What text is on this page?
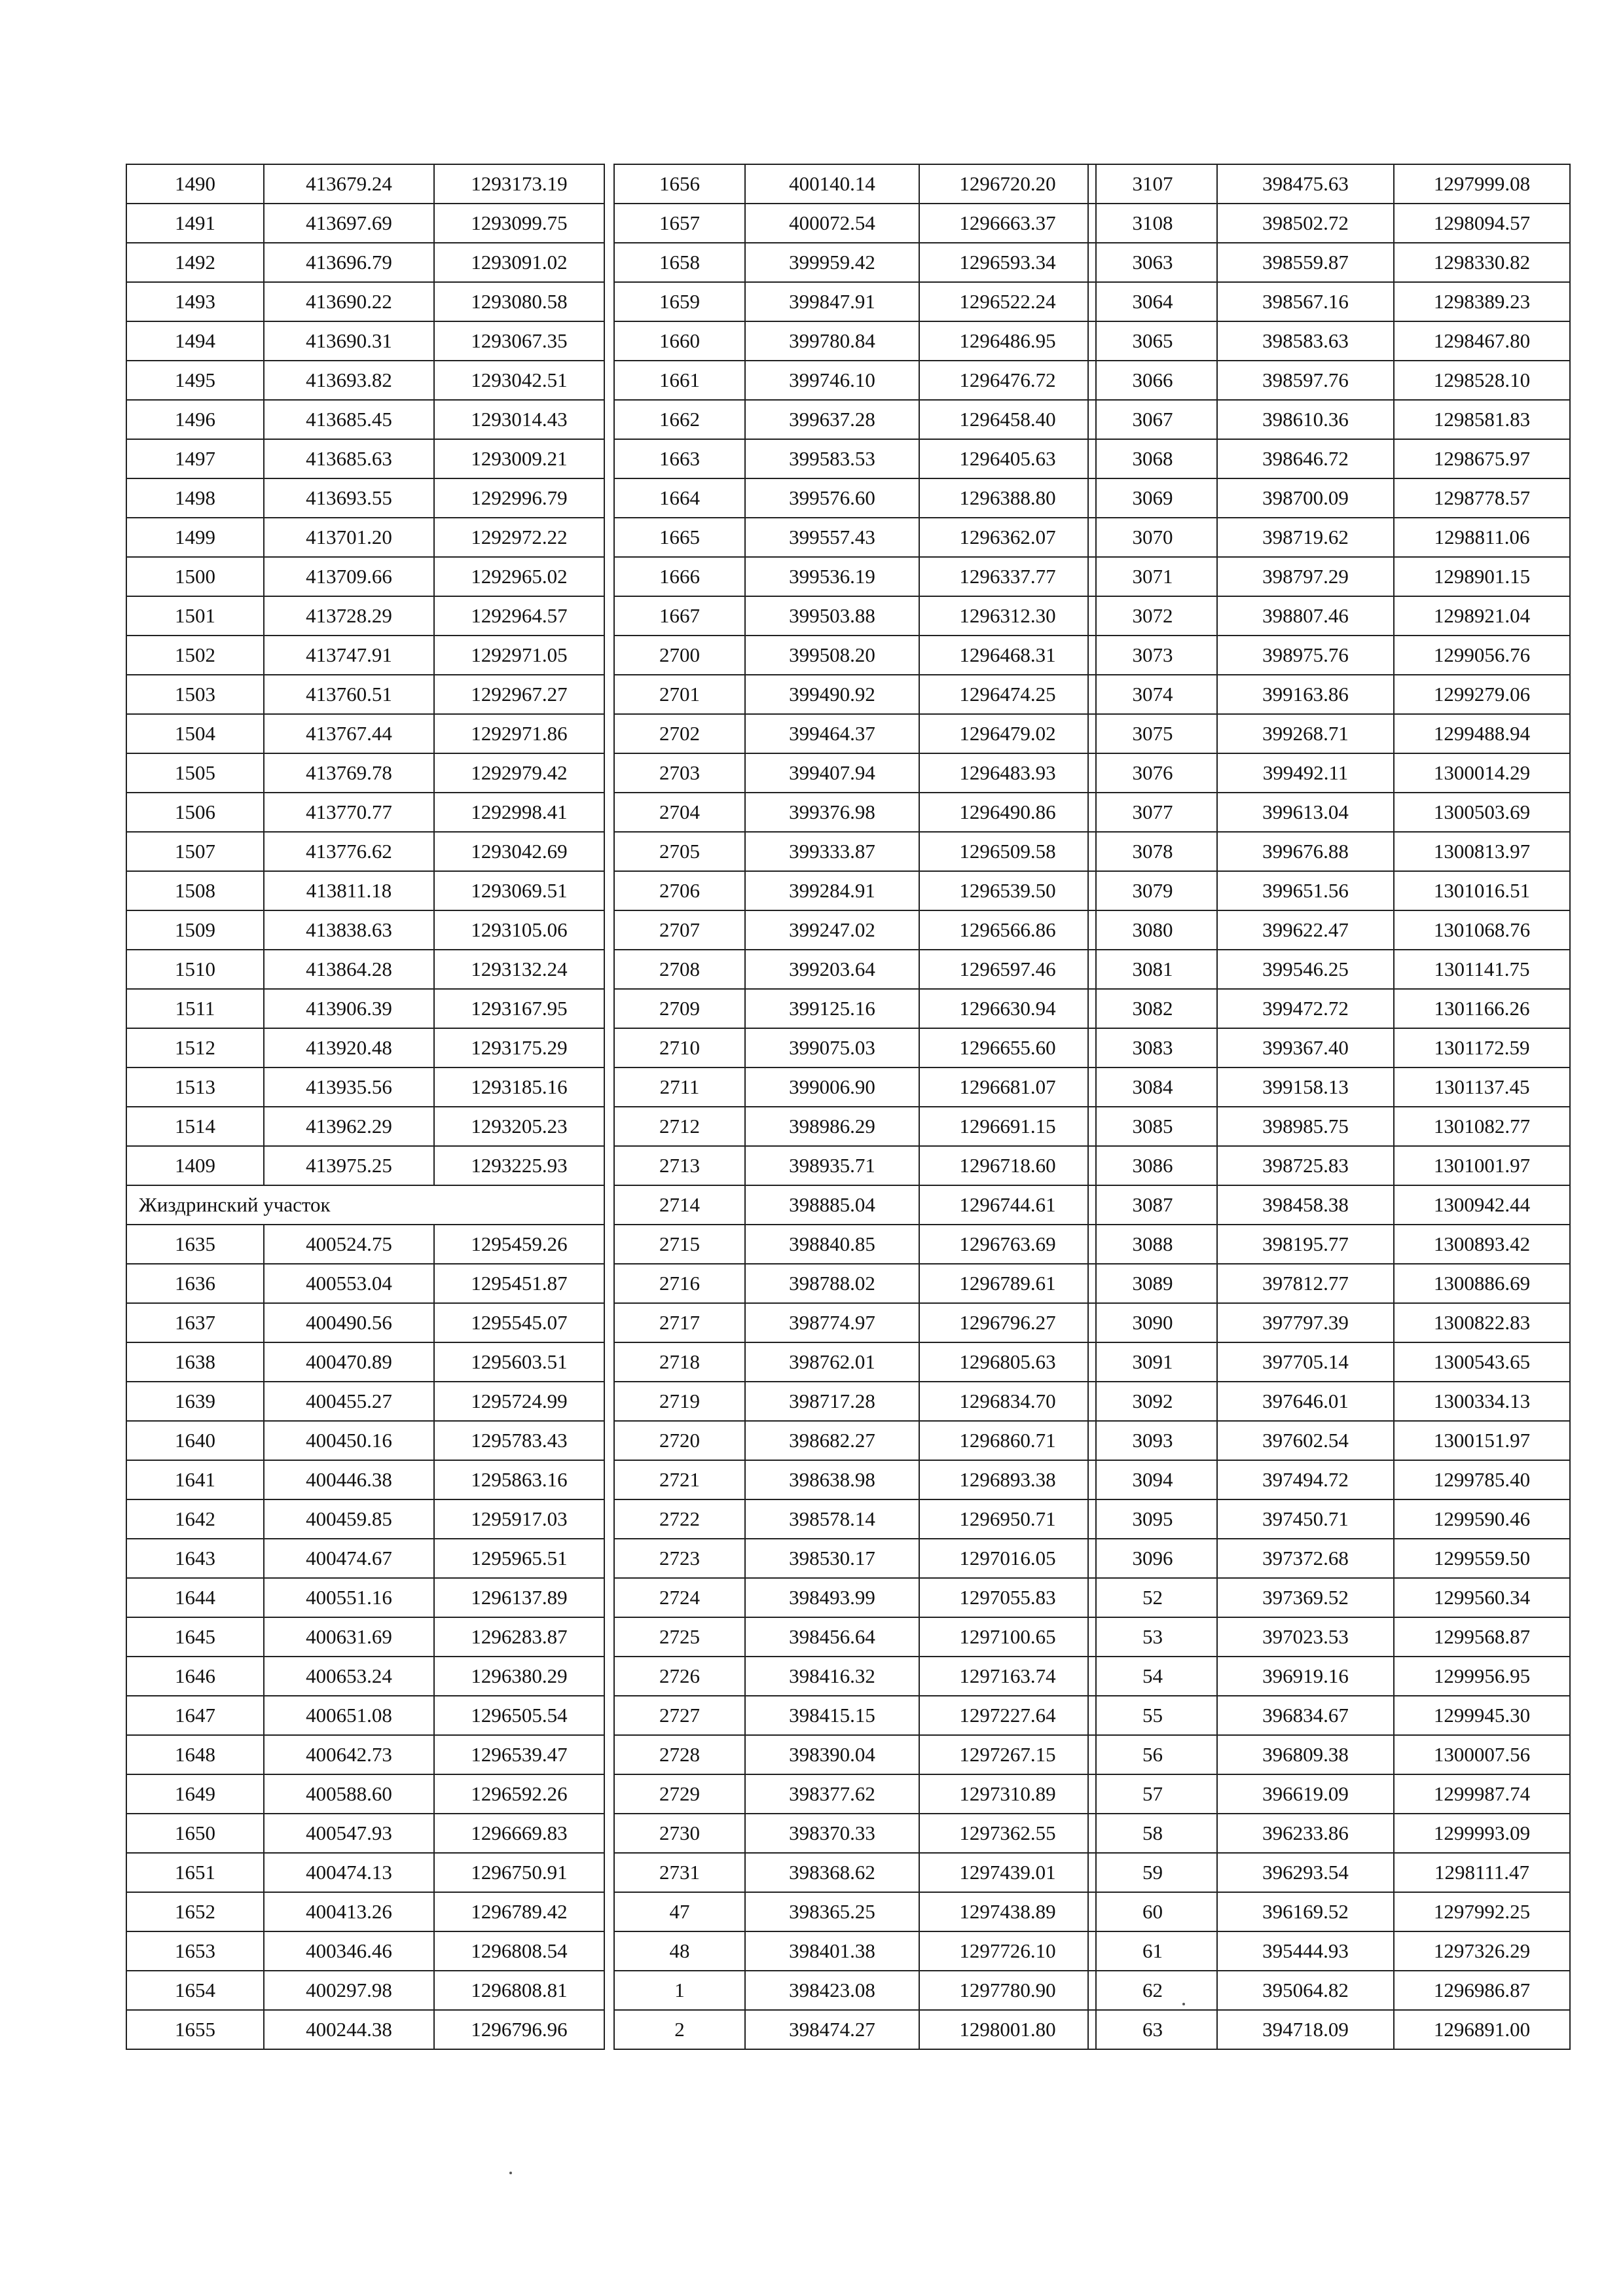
1490	413679.24	1293173.19
1491	413697.69	1293099.75
1492	413696.79	1293091.02
1493	413690.22	1293080.58
1494	413690.31	1293067.35
1495	413693.82	1293042.51
1496	413685.45	1293014.43
1497	413685.63	1293009.21
1498	413693.55	1292996.79
1499	413701.20	1292972.22
1500	413709.66	1292965.02
1501	413728.29	1292964.57
1502	413747.91	1292971.05
1503	413760.51	1292967.27
1504	413767.44	1292971.86
1505	413769.78	1292979.42
1506	413770.77	1292998.41
1507	413776.62	1293042.69
1508	413811.18	1293069.51
1509	413838.63	1293105.06
1510	413864.28	1293132.24
1511	413906.39	1293167.95
1512	413920.48	1293175.29
1513	413935.56	1293185.16
1514	413962.29	1293205.23
1409	413975.25	1293225.93
Жиздринский участок		
1635	400524.75	1295459.26
1636	400553.04	1295451.87
1637	400490.56	1295545.07
1638	400470.89	1295603.51
1639	400455.27	1295724.99
1640	400450.16	1295783.43
1641	400446.38	1295863.16
1642	400459.85	1295917.03
1643	400474.67	1295965.51
1644	400551.16	1296137.89
1645	400631.69	1296283.87
1646	400653.24	1296380.29
1647	400651.08	1296505.54
1648	400642.73	1296539.47
1649	400588.60	1296592.26
1650	400547.93	1296669.83
1651	400474.13	1296750.91
1652	400413.26	1296789.42
1653	400346.46	1296808.54
1654	400297.98	1296808.81
1655	400244.38	1296796.96
1656	400140.14	1296720.20
1657	400072.54	1296663.37
1658	399959.42	1296593.34
1659	399847.91	1296522.24
1660	399780.84	1296486.95
1661	399746.10	1296476.72
1662	399637.28	1296458.40
1663	399583.53	1296405.63
1664	399576.60	1296388.80
1665	399557.43	1296362.07
1666	399536.19	1296337.77
1667	399503.88	1296312.30
2700	399508.20	1296468.31
2701	399490.92	1296474.25
2702	399464.37	1296479.02
2703	399407.94	1296483.93
2704	399376.98	1296490.86
2705	399333.87	1296509.58
2706	399284.91	1296539.50
2707	399247.02	1296566.86
2708	399203.64	1296597.46
2709	399125.16	1296630.94
2710	399075.03	1296655.60
2711	399006.90	1296681.07
2712	398986.29	1296691.15
2713	398935.71	1296718.60
2714	398885.04	1296744.61
2715	398840.85	1296763.69
2716	398788.02	1296789.61
2717	398774.97	1296796.27
2718	398762.01	1296805.63
2719	398717.28	1296834.70
2720	398682.27	1296860.71
2721	398638.98	1296893.38
2722	398578.14	1296950.71
2723	398530.17	1297016.05
2724	398493.99	1297055.83
2725	398456.64	1297100.65
2726	398416.32	1297163.74
2727	398415.15	1297227.64
2728	398390.04	1297267.15
2729	398377.62	1297310.89
2730	398370.33	1297362.55
2731	398368.62	1297439.01
47	398365.25	1297438.89
48	398401.38	1297726.10
1	398423.08	1297780.90
2	398474.27	1298001.80
3107	398475.63	1297999.08
3108	398502.72	1298094.57
3063	398559.87	1298330.82
3064	398567.16	1298389.23
3065	398583.63	1298467.80
3066	398597.76	1298528.10
3067	398610.36	1298581.83
3068	398646.72	1298675.97
3069	398700.09	1298778.57
3070	398719.62	1298811.06
3071	398797.29	1298901.15
3072	398807.46	1298921.04
3073	398975.76	1299056.76
3074	399163.86	1299279.06
3075	399268.71	1299488.94
3076	399492.11	1300014.29
3077	399613.04	1300503.69
3078	399676.88	1300813.97
3079	399651.56	1301016.51
3080	399622.47	1301068.76
3081	399546.25	1301141.75
3082	399472.72	1301166.26
3083	399367.40	1301172.59
3084	399158.13	1301137.45
3085	398985.75	1301082.77
3086	398725.83	1301001.97
3087	398458.38	1300942.44
3088	398195.77	1300893.42
3089	397812.77	1300886.69
3090	397797.39	1300822.83
3091	397705.14	1300543.65
3092	397646.01	1300334.13
3093	397602.54	1300151.97
3094	397494.72	1299785.40
3095	397450.71	1299590.46
3096	397372.68	1299559.50
52	397369.52	1299560.34
53	397023.53	1299568.87
54	396919.16	1299956.95
55	396834.67	1299945.30
56	396809.38	1300007.56
57	396619.09	1299987.74
58	396233.86	1299993.09
59	396293.54	1298111.47
60	396169.52	1297992.25
61	395444.93	1297326.29
62	395064.82	1296986.87
63	394718.09	1296891.00
